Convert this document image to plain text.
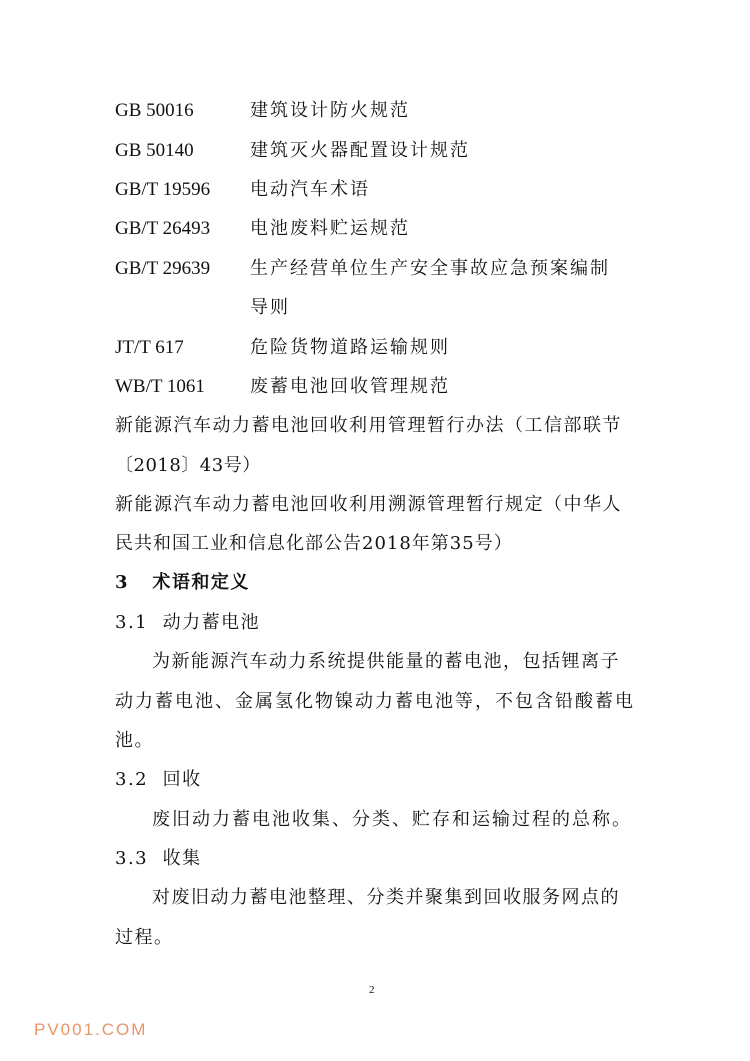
GB 50016	建筑设计防火规范
GB 50140	建筑灭火器配置设计规范
GB/T 19596 电动汽车术语
GB/T 26493 电池废料贮运规范
GB/T 29639 生产经营单位生产安全事故应急预案编制
导则
JT/T 617	危险货物道路运输规则
WB/T 1061	废蓄电池回收管理规范
新能源汽车动力蓄电池回收利用管理暂行办法（工信部联节
〔2018〕43号）
新能源汽车动力蓄电池回收利用溯源管理暂行规定（中华人
民共和国工业和信息化部公告2018年第35号）
3   术语和定义
3.1  动力蓄电池
为新能源汽车动力系统提供能量的蓄电池，包括锂离子
动力蓄电池、金属氢化物镍动力蓄电池等，不包含铅酸蓄电
池。
3.2  回收
废旧动力蓄电池收集、分类、贮存和运输过程的总称。
3.3  收集
对废旧动力蓄电池整理、分类并聚集到回收服务网点的
过程。
2
PV001.COM
